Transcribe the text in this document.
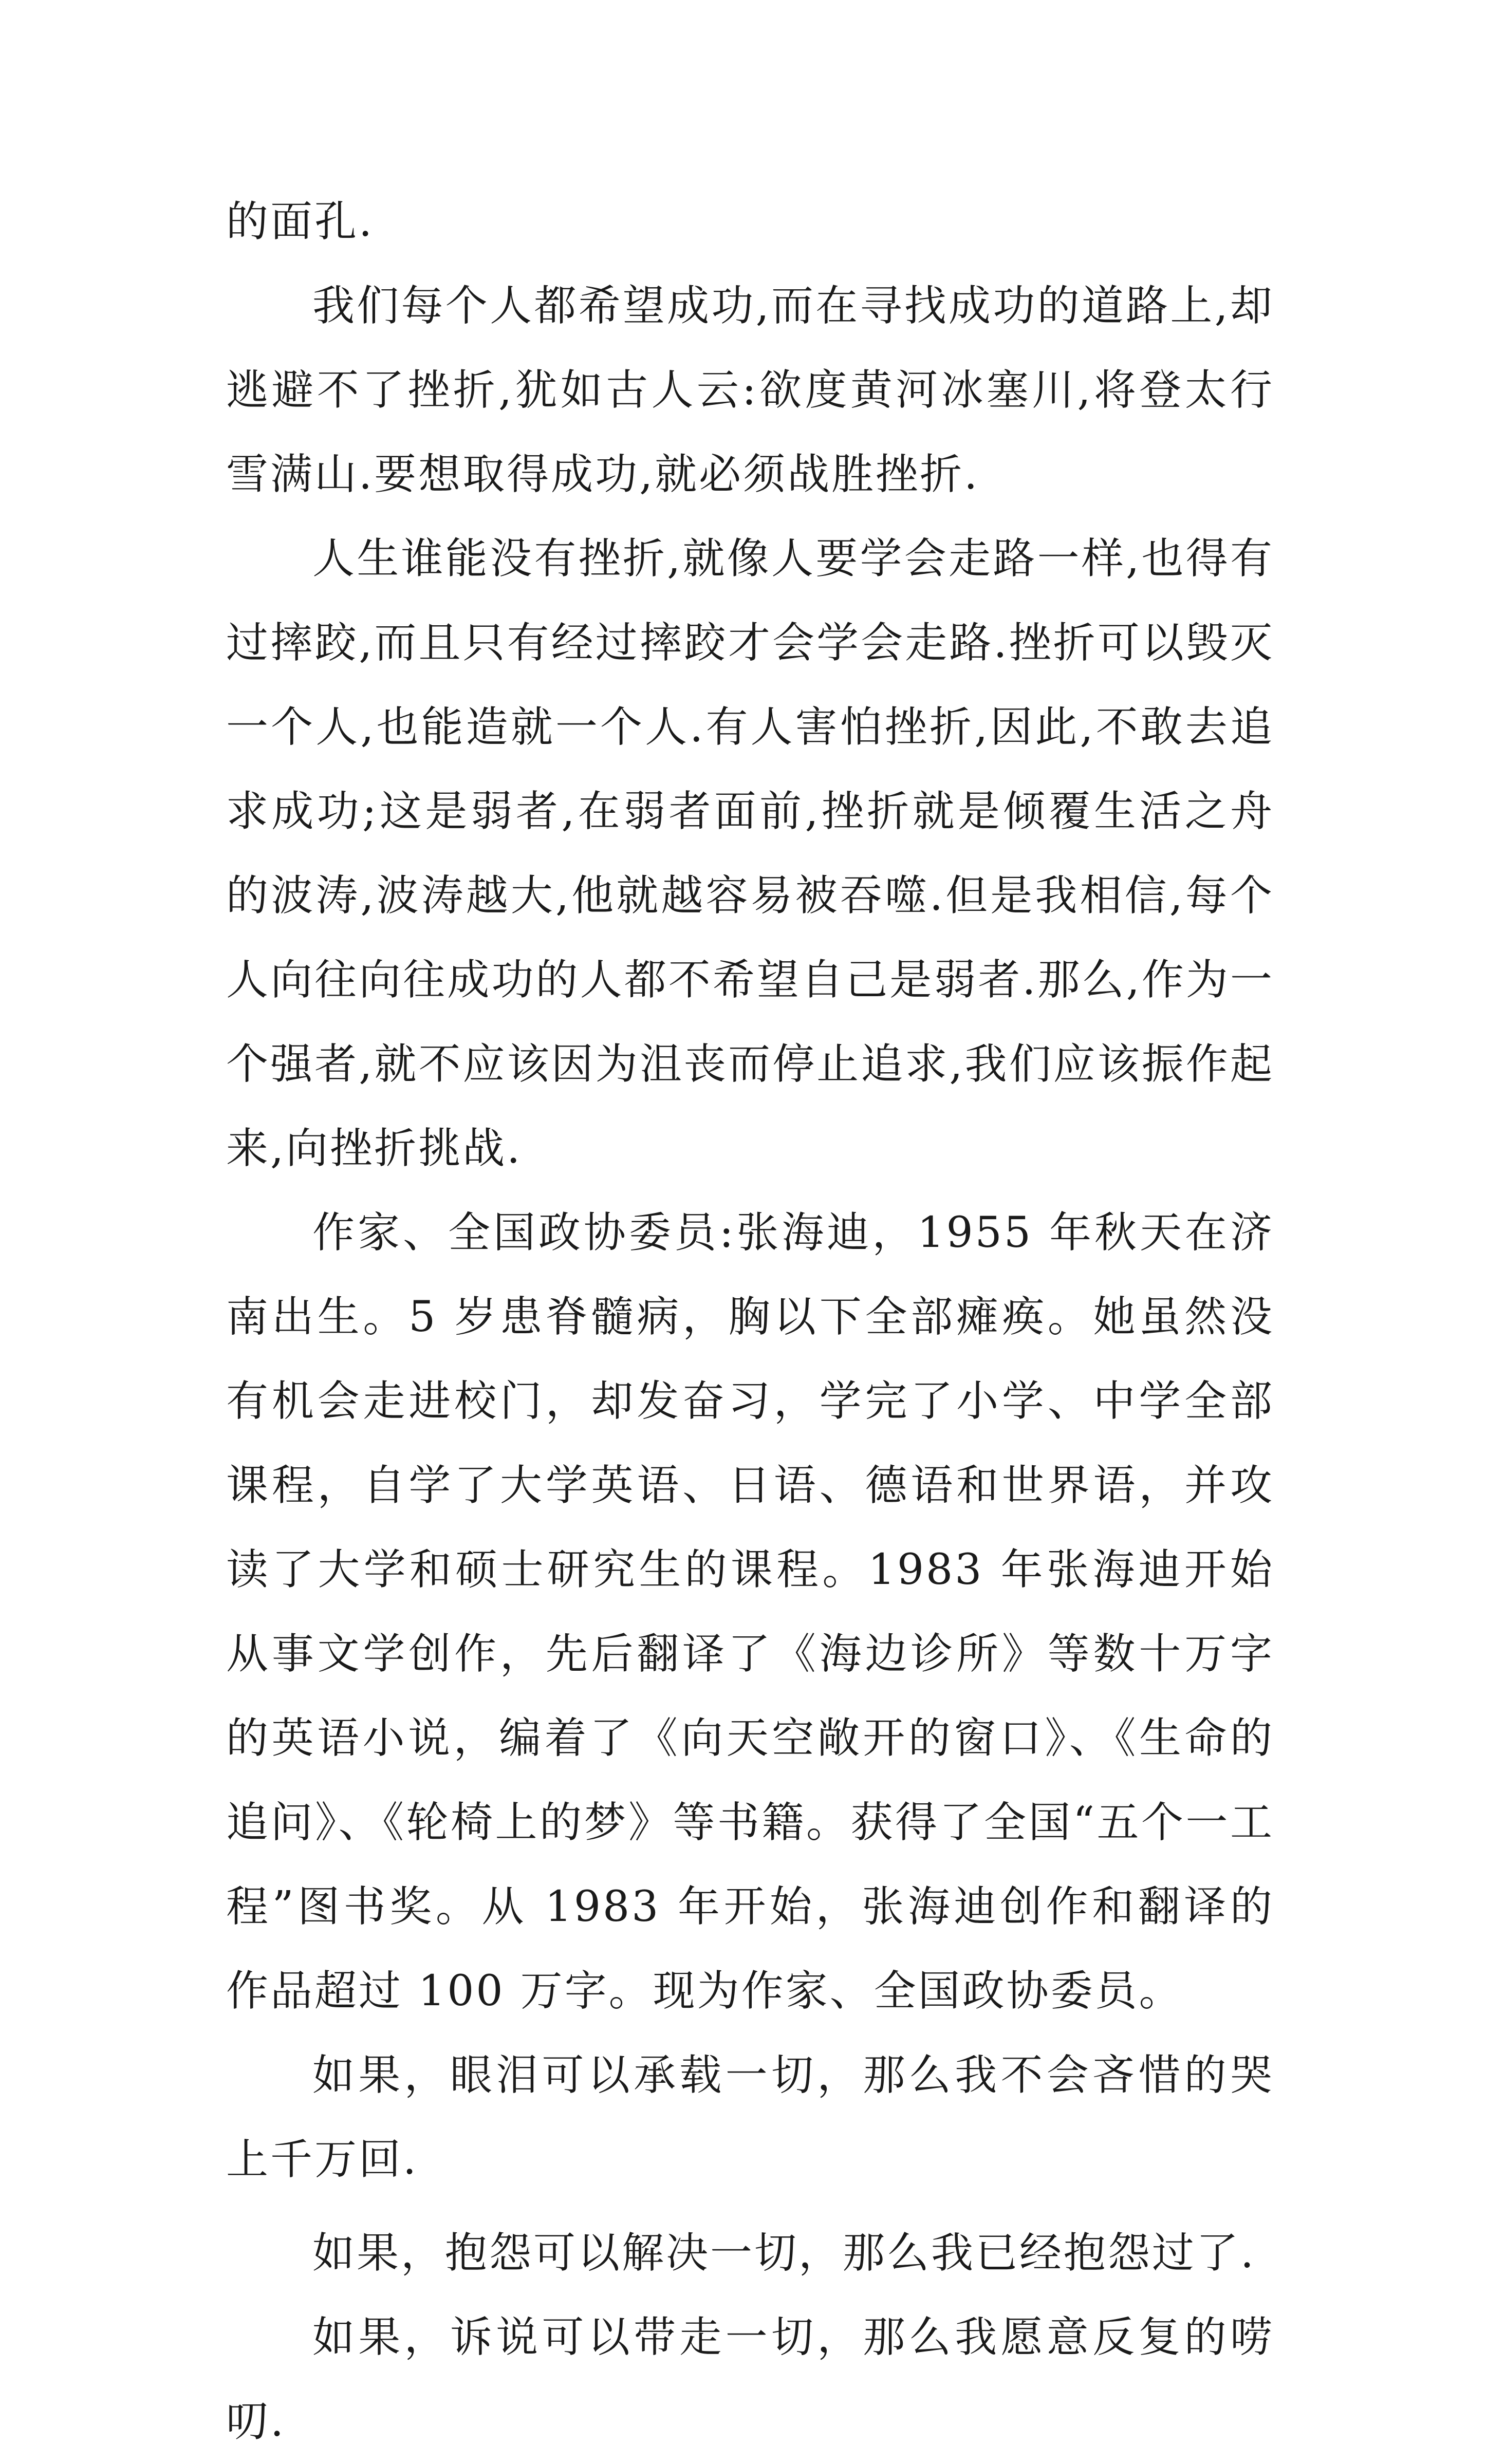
的面孔.

我们每个人都希望成功,而在寻找成功的道路上,却逃避不了挫折,犹如古人云:欲度黄河冰塞川,将登太行雪满山.要想取得成功,就必须战胜挫折.

人生谁能没有挫折,就像人要学会走路一样,也得有过摔跤,而且只有经过摔跤才会学会走路.挫折可以毁灭一个人,也能造就一个人.有人害怕挫折,因此,不敢去追求成功;这是弱者,在弱者面前,挫折就是倾覆生活之舟的波涛,波涛越大,他就越容易被吞噬.但是我相信,每个人向往向往成功的人都不希望自己是弱者.那么,作为一个强者,就不应该因为沮丧而停止追求,我们应该振作起来,向挫折挑战.

作家、全国政协委员:张海迪，1955 年秋天在济南出生。5 岁患脊髓病，胸以下全部瘫痪。她虽然没有机会走进校门，却发奋习，学完了小学、中学全部课程，自学了大学英语、日语、德语和世界语，并攻读了大学和硕士研究生的课程。1983 年张海迪开始从事文学创作，先后翻译了《海边诊所》等数十万字的英语小说，编着了《向天空敞开的窗口》、《生命的追问》、《轮椅上的梦》等书籍。获得了全国“五个一工程”图书奖。从 1983 年开始，张海迪创作和翻译的作品超过 100 万字。现为作家、全国政协委员。

如果，眼泪可以承载一切，那么我不会吝惜的哭上千万回.

如果，抱怨可以解决一切，那么我已经抱怨过了.

如果，诉说可以带走一切，那么我愿意反复的唠叨.
